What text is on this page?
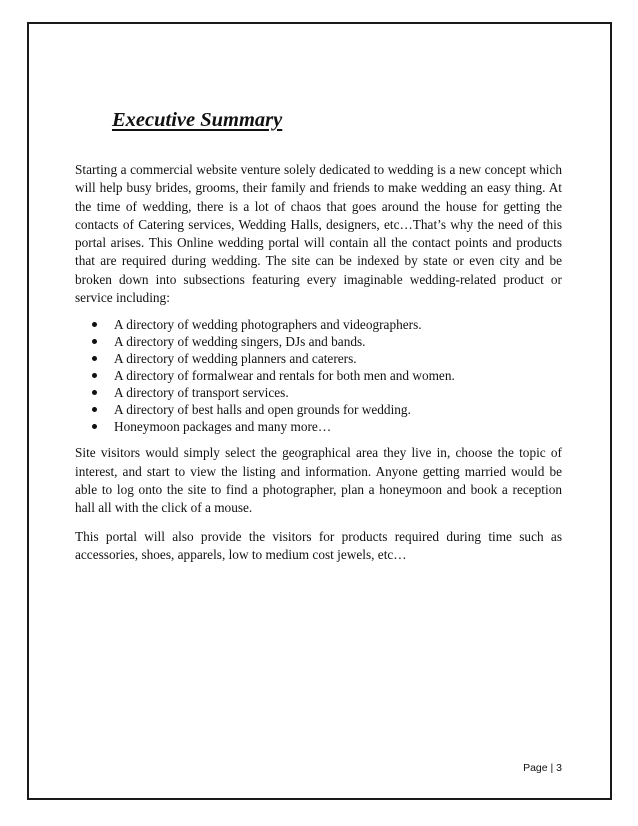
Executive Summary

Starting a commercial website venture solely dedicated to wedding is a new concept which will help busy brides, grooms, their family and friends to make wedding an easy thing. At the time of wedding, there is a lot of chaos that goes around the house for getting the contacts of Catering services, Wedding Halls, designers, etc…That’s why the need of this portal arises. This Online wedding portal will contain all the contact points and products that are required during wedding. The site can be indexed by state or even city and be broken down into subsections featuring every imaginable wedding-related product or service including:

A directory of wedding photographers and videographers.
A directory of wedding singers, DJs and bands.
A directory of wedding planners and caterers.
A directory of formalwear and rentals for both men and women.
A directory of transport services.
A directory of best halls and open grounds for wedding.
Honeymoon packages and many more…

Site visitors would simply select the geographical area they live in, choose the topic of interest, and start to view the listing and information. Anyone getting married would be able to log onto the site to find a photographer, plan a honeymoon and book a reception hall all with the click of a mouse.

This portal will also provide the visitors for products required during time such as accessories, shoes, apparels, low to medium cost jewels, etc…

Page | 3
